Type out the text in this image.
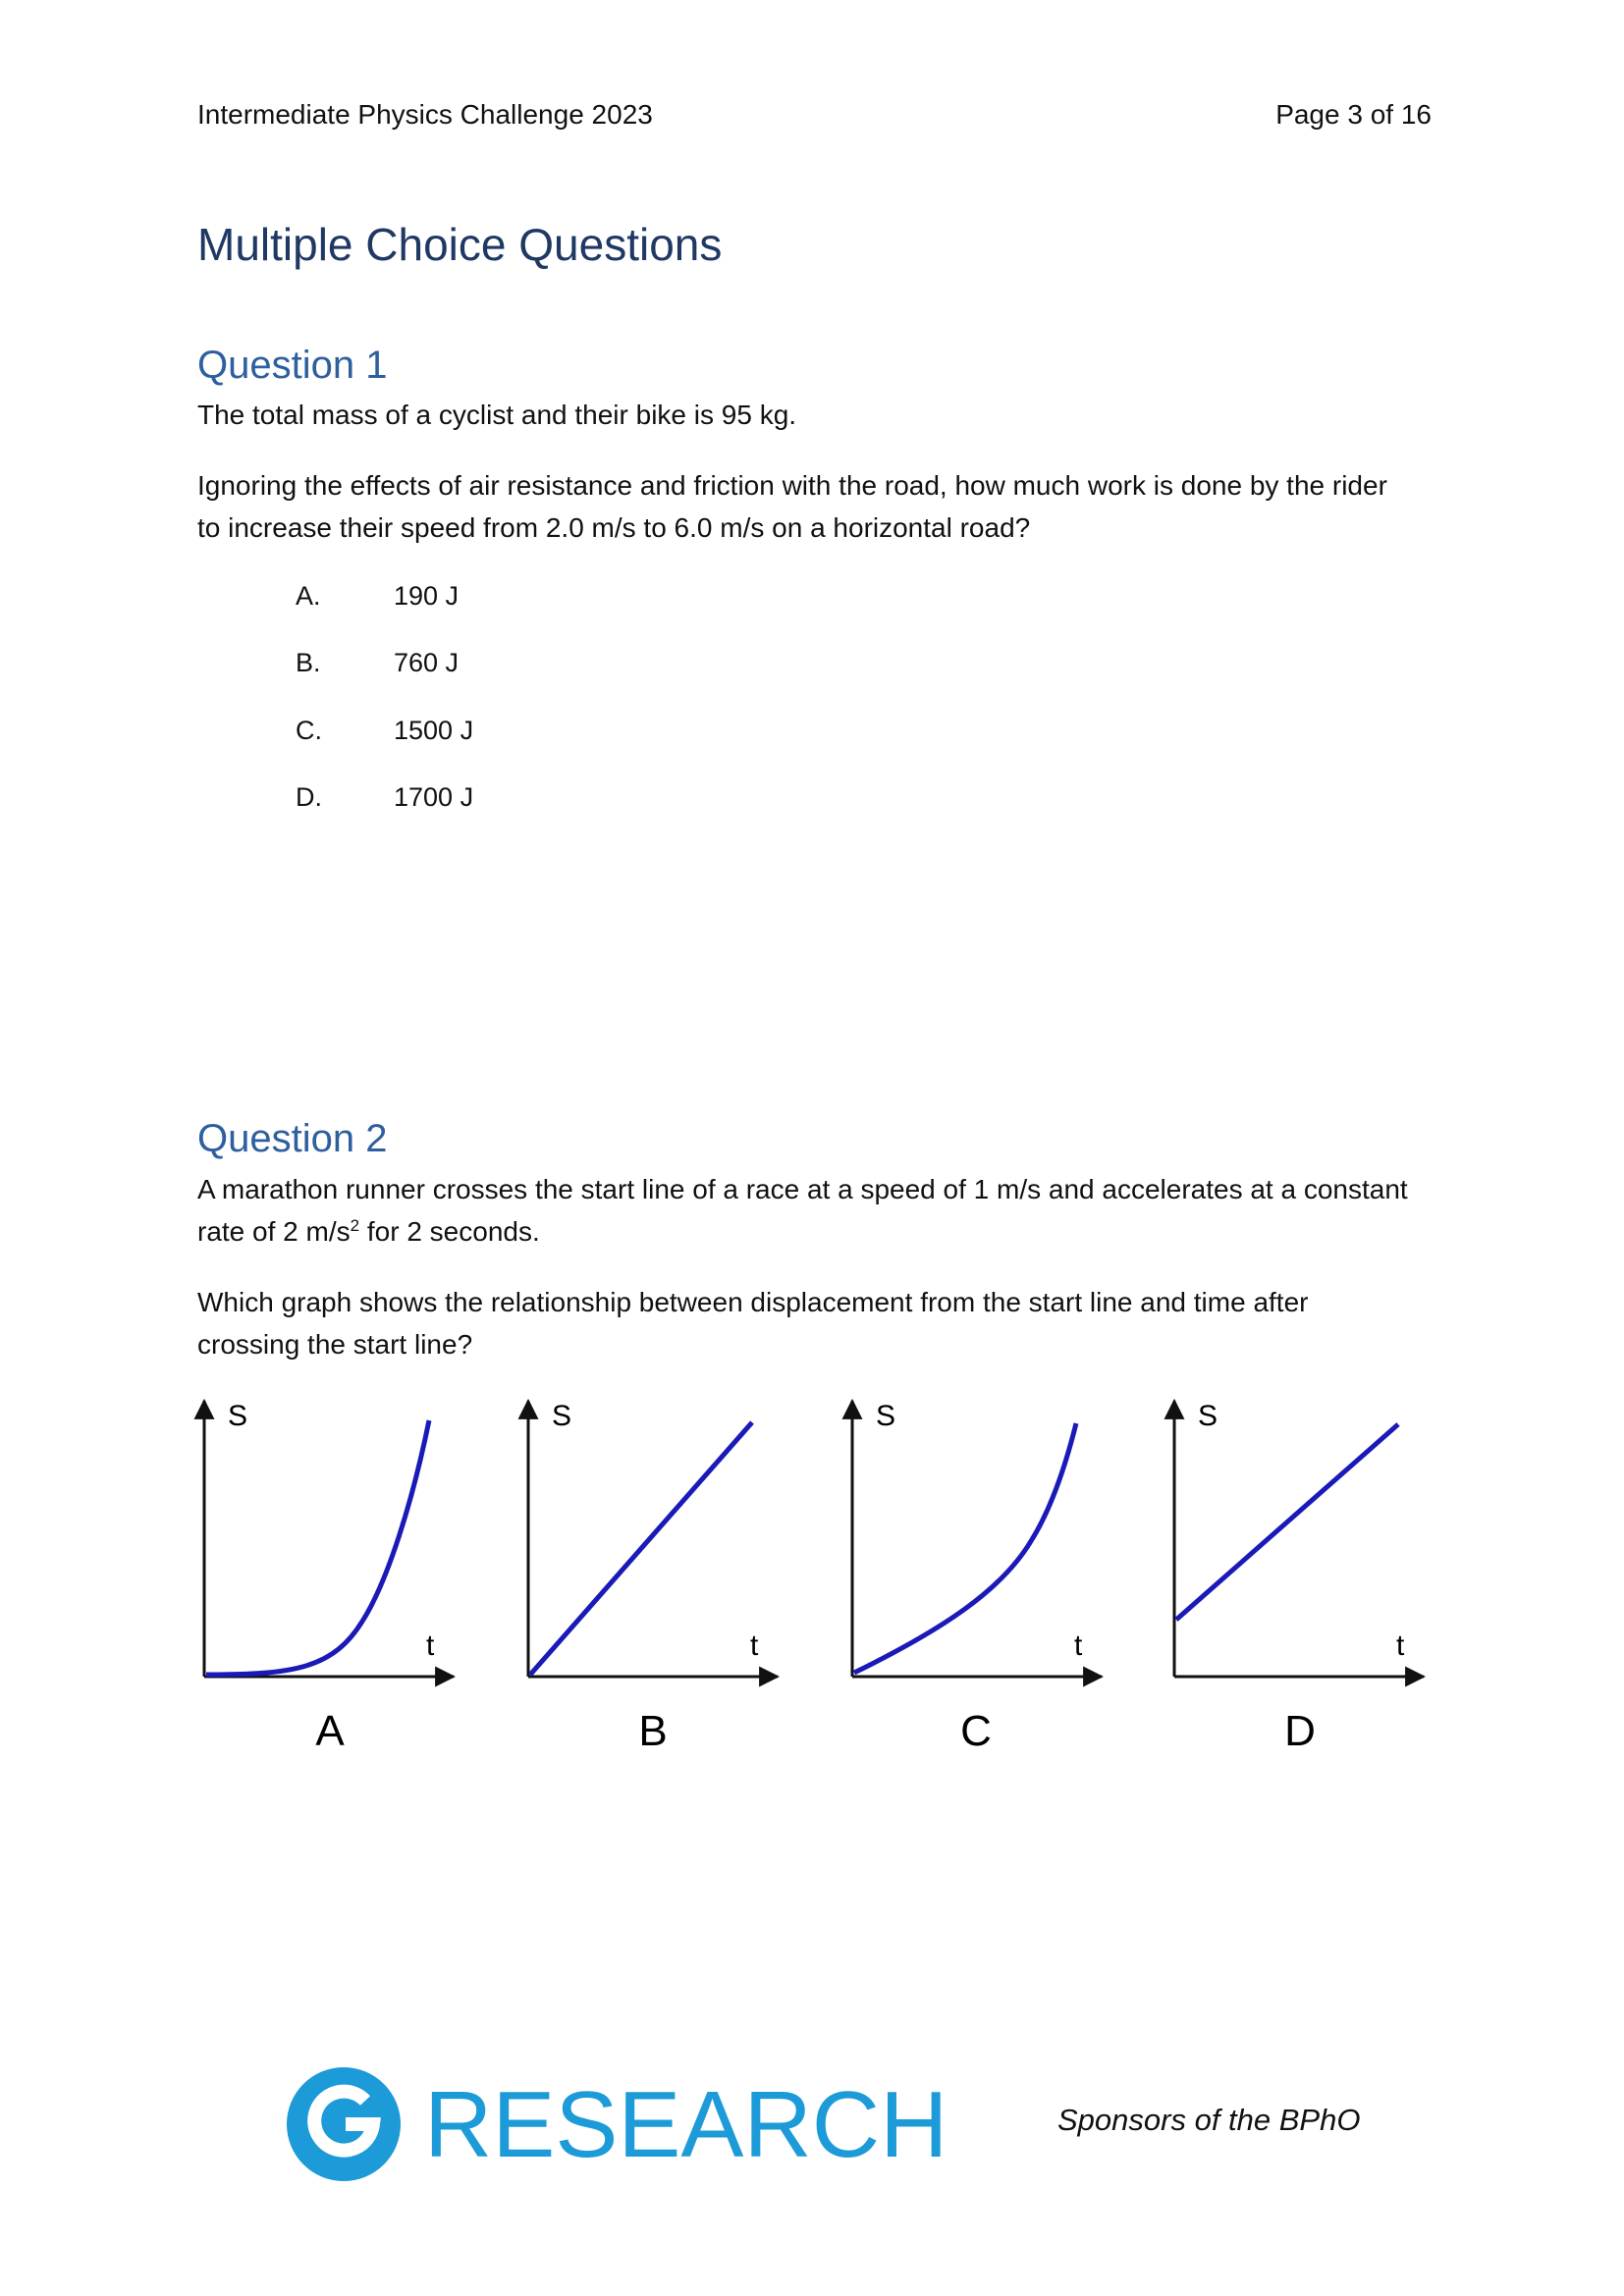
Intermediate Physics Challenge 2023	Page 3 of 16
Multiple Choice Questions
Question 1
The total mass of a cyclist and their bike is 95 kg.
Ignoring the effects of air resistance and friction with the road, how much work is done by the rider
to increase their speed from 2.0 m/s to 6.0 m/s on a horizontal road?
A.	190 J
B.	760 J
C.	1500 J
D.	1700 J
Question 2
A marathon runner crosses the start line of a race at a speed of 1 m/s and accelerates at a constant
rate of 2 $m/s^2$ for 2 seconds.
Which graph shows the relationship between displacement from the start line and time after
crossing the start line?
S
t
A
S
t
B
S
t
C
S
t
D
RESEARCH	Sponsors of the BPhO
